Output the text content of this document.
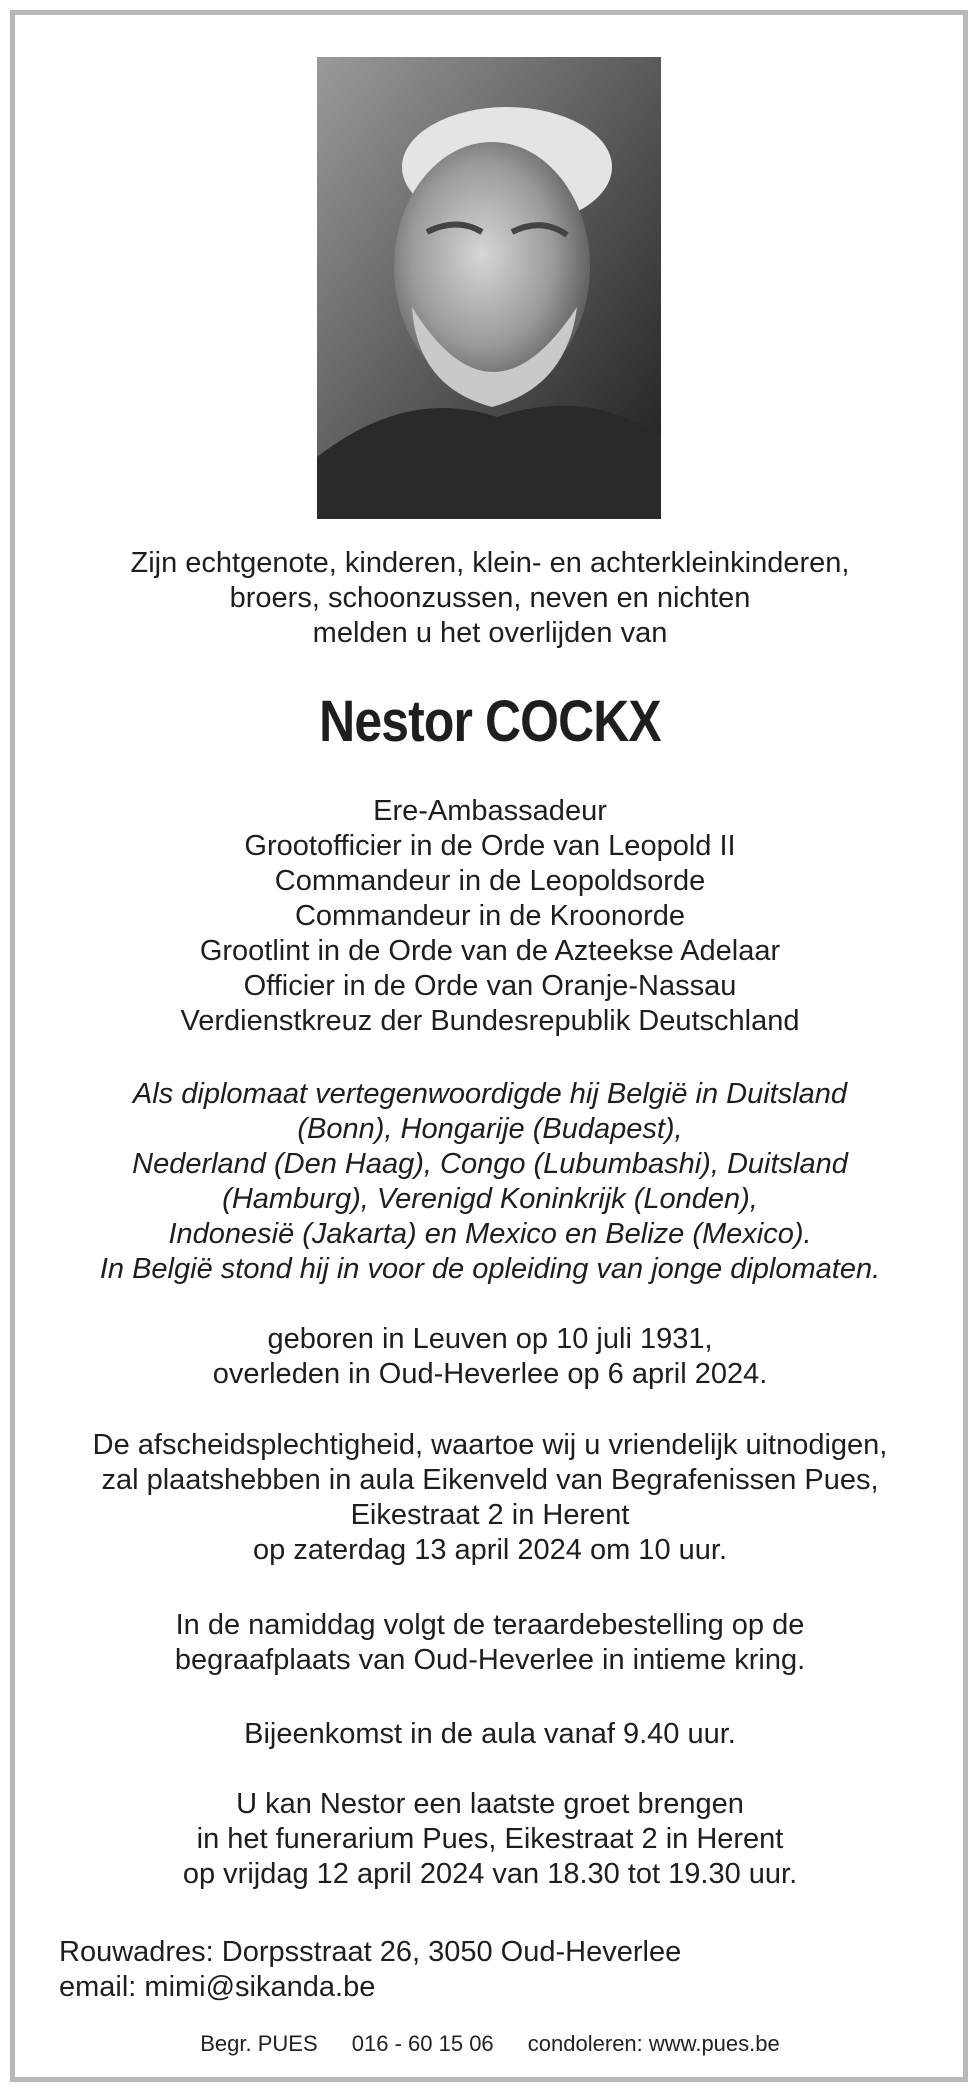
Zijn echtgenote, kinderen, klein- en achterkleinkinderen,
broers, schoonzussen, neven en nichten
melden u het overlijden van
Nestor COCKX
Ere-Ambassadeur
Grootofficier in de Orde van Leopold II
Commandeur in de Leopoldsorde
Commandeur in de Kroonorde
Grootlint in de Orde van de Azteekse Adelaar
Officier in de Orde van Oranje-Nassau
Verdienstkreuz der Bundesrepublik Deutschland
Als diplomaat vertegenwoordigde hij België in Duitsland
(Bonn), Hongarije (Budapest),
Nederland (Den Haag), Congo (Lubumbashi), Duitsland
(Hamburg), Verenigd Koninkrijk (Londen),
Indonesië (Jakarta) en Mexico en Belize (Mexico).
In België stond hij in voor de opleiding van jonge diplomaten.
geboren in Leuven op 10 juli 1931,
overleden in Oud-Heverlee op 6 april 2024.
De afscheidsplechtigheid, waartoe wij u vriendelijk uitnodigen,
zal plaatshebben in aula Eikenveld van Begrafenissen Pues,
Eikestraat 2 in Herent
op zaterdag 13 april 2024 om 10 uur.
In de namiddag volgt de teraardebestelling op de
begraafplaats van Oud-Heverlee in intieme kring.
Bijeenkomst in de aula vanaf 9.40 uur.
U kan Nestor een laatste groet brengen
in het funerarium Pues, Eikestraat 2 in Herent
op vrijdag 12 april 2024 van 18.30 tot 19.30 uur.
Rouwadres: Dorpsstraat 26, 3050 Oud-Heverlee
email: mimi@sikanda.be
Begr. PUES 016 - 60 15 06 condoleren: www.pues.be
